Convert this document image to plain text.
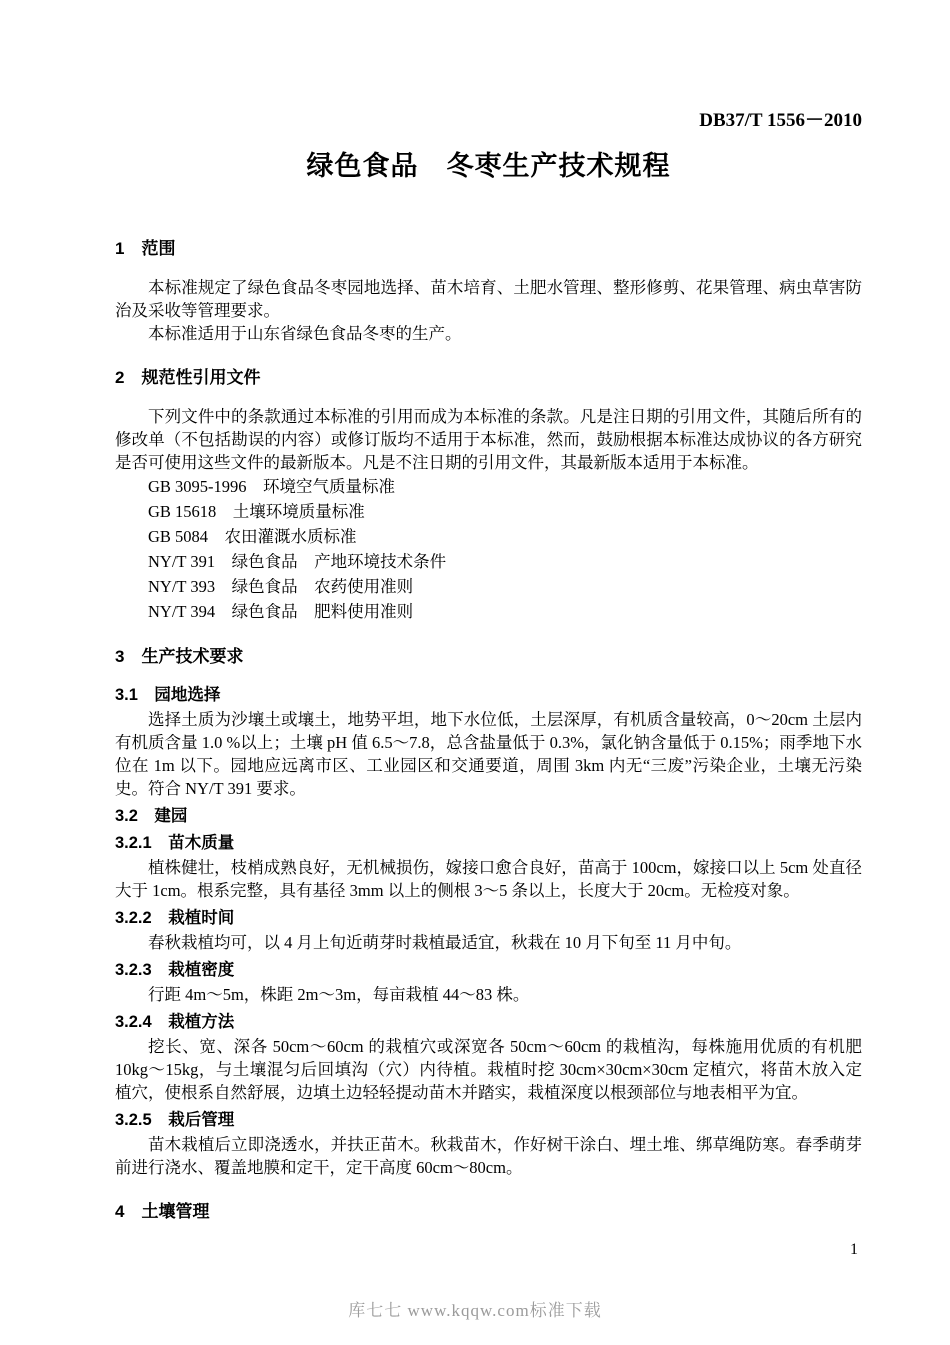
DB37/T 1556－2010
绿色食品　冬枣生产技术规程
1　范围

本标准规定了绿色食品冬枣园地选择、苗木培育、土肥水管理、整形修剪、花果管理、病虫草害防治及采收等管理要求。

本标准适用于山东省绿色食品冬枣的生产。

2　规范性引用文件

下列文件中的条款通过本标准的引用而成为本标准的条款。凡是注日期的引用文件，其随后所有的修改单（不包括勘误的内容）或修订版均不适用于本标准，然而，鼓励根据本标准达成协议的各方研究是否可使用这些文件的最新版本。凡是不注日期的引用文件，其最新版本适用于本标准。

GB 3095-1996　环境空气质量标准

GB 15618　土壤环境质量标准

GB 5084　农田灌溉水质标准

NY/T 391　绿色食品　产地环境技术条件

NY/T 393　绿色食品　农药使用准则

NY/T 394　绿色食品　肥料使用准则

3　生产技术要求
3.1　园地选择

选择土质为沙壤土或壤土，地势平坦，地下水位低，土层深厚，有机质含量较高，0～20cm 土层内有机质含量 1.0 %以上；土壤 pH 值 6.5～7.8，总含盐量低于 0.3%，氯化钠含量低于 0.15%；雨季地下水位在 1m 以下。园地应远离市区、工业园区和交通要道，周围 3km 内无“三废”污染企业，土壤无污染史。符合 NY/T 391 要求。

3.2　建园
3.2.1　苗木质量

植株健壮，枝梢成熟良好，无机械损伤，嫁接口愈合良好，苗高于 100cm，嫁接口以上 5cm 处直径大于 1cm。根系完整，具有基径 3mm 以上的侧根 3～5 条以上，长度大于 20cm。无检疫对象。

3.2.2　栽植时间

春秋栽植均可，以 4 月上旬近萌芽时栽植最适宜，秋栽在 10 月下旬至 11 月中旬。

3.2.3　栽植密度

行距 4m～5m，株距 2m～3m，每亩栽植 44～83 株。

3.2.4　栽植方法

挖长、宽、深各 50cm～60cm 的栽植穴或深宽各 50cm～60cm 的栽植沟，每株施用优质的有机肥 10kg～15kg，与土壤混匀后回填沟（穴）内待植。栽植时挖 30cm×30cm×30cm 定植穴，将苗木放入定植穴，使根系自然舒展，边填土边轻轻提动苗木并踏实，栽植深度以根颈部位与地表相平为宜。

3.2.5　栽后管理

苗木栽植后立即浇透水，并扶正苗木。秋栽苗木，作好树干涂白、埋土堆、绑草绳防寒。春季萌芽前进行浇水、覆盖地膜和定干，定干高度 60cm～80cm。

4　土壤管理
1
库七七 www.kqqw.com标准下载
